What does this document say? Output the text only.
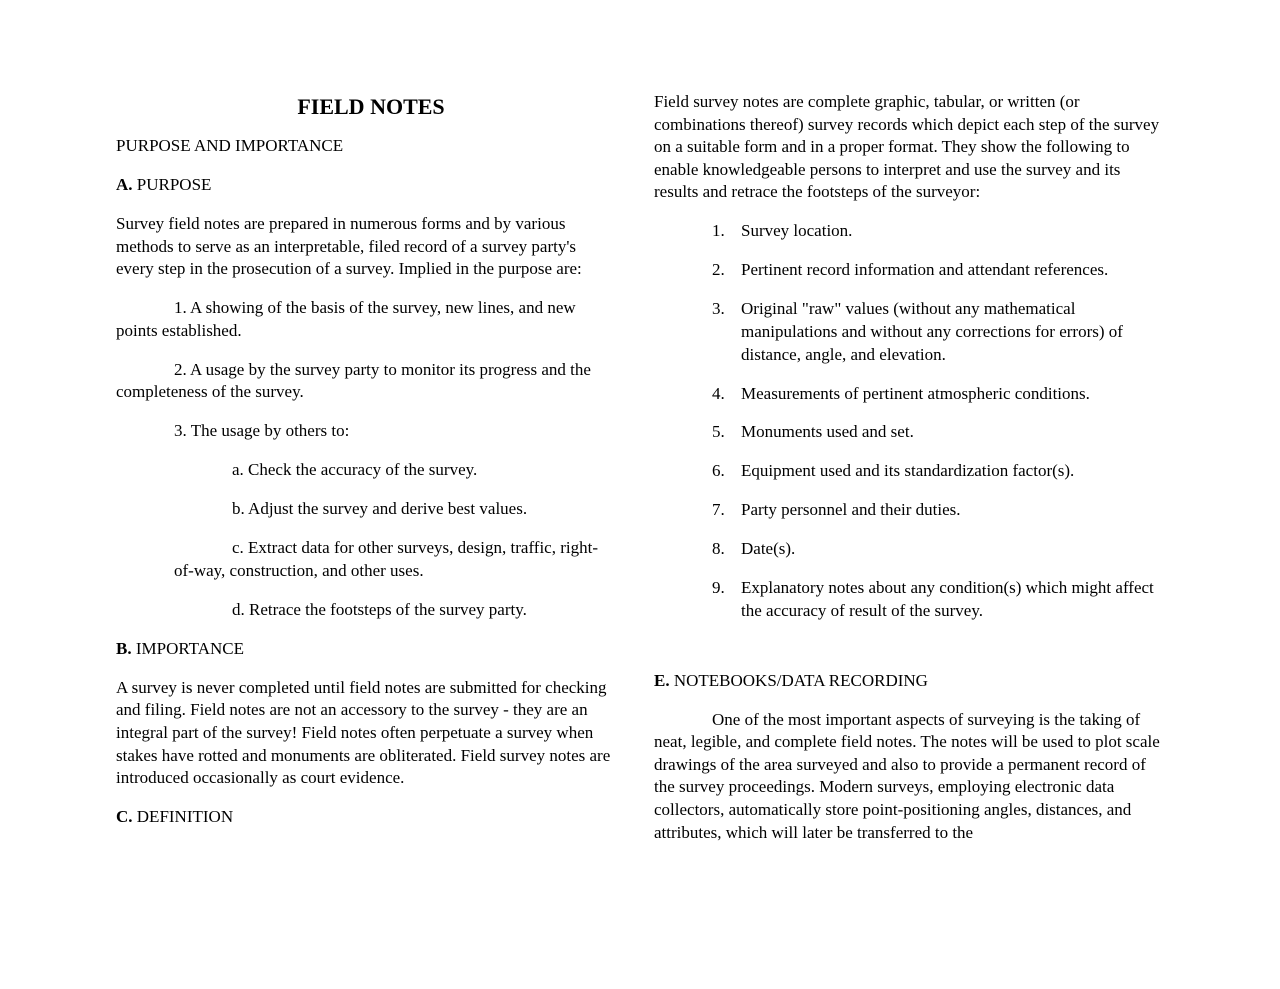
FIELD NOTES

PURPOSE AND IMPORTANCE

A. PURPOSE

Survey field notes are prepared in numerous forms and by various methods to serve as an interpretable, filed record of a survey party's every step in the prosecution of a survey. Implied in the purpose are:

1. A showing of the basis of the survey, new lines, and new points established.

2. A usage by the survey party to monitor its progress and the completeness of the survey.

3. The usage by others to:

a. Check the accuracy of the survey.

b. Adjust the survey and derive best values.

c. Extract data for other surveys, design, traffic, right-of-way, construction, and other uses.

d. Retrace the footsteps of the survey party.

B. IMPORTANCE

A survey is never completed until field notes are submitted for checking and filing. Field notes are not an accessory to the survey - they are an integral part of the survey! Field notes often perpetuate a survey when stakes have rotted and monuments are obliterated. Field survey notes are introduced occasionally as court evidence.

C. DEFINITION

Field survey notes are complete graphic, tabular, or written (or combinations thereof) survey records which depict each step of the survey on a suitable form and in a proper format. They show the following to enable knowledgeable persons to interpret and use the survey and its results and retrace the footsteps of the surveyor:

1. Survey location.
2. Pertinent record information and attendant references.
3. Original "raw" values (without any mathematical manipulations and without any corrections for errors) of distance, angle, and elevation.
4. Measurements of pertinent atmospheric conditions.
5. Monuments used and set.
6. Equipment used and its standardization factor(s).
7. Party personnel and their duties.
8. Date(s).
9. Explanatory notes about any condition(s) which might affect the accuracy of result of the survey.

E. NOTEBOOKS/DATA RECORDING

One of the most important aspects of surveying is the taking of neat, legible, and complete field notes. The notes will be used to plot scale drawings of the area surveyed and also to provide a permanent record of the survey proceedings. Modern surveys, employing electronic data collectors, automatically store point-positioning angles, distances, and attributes, which will later be transferred to the
